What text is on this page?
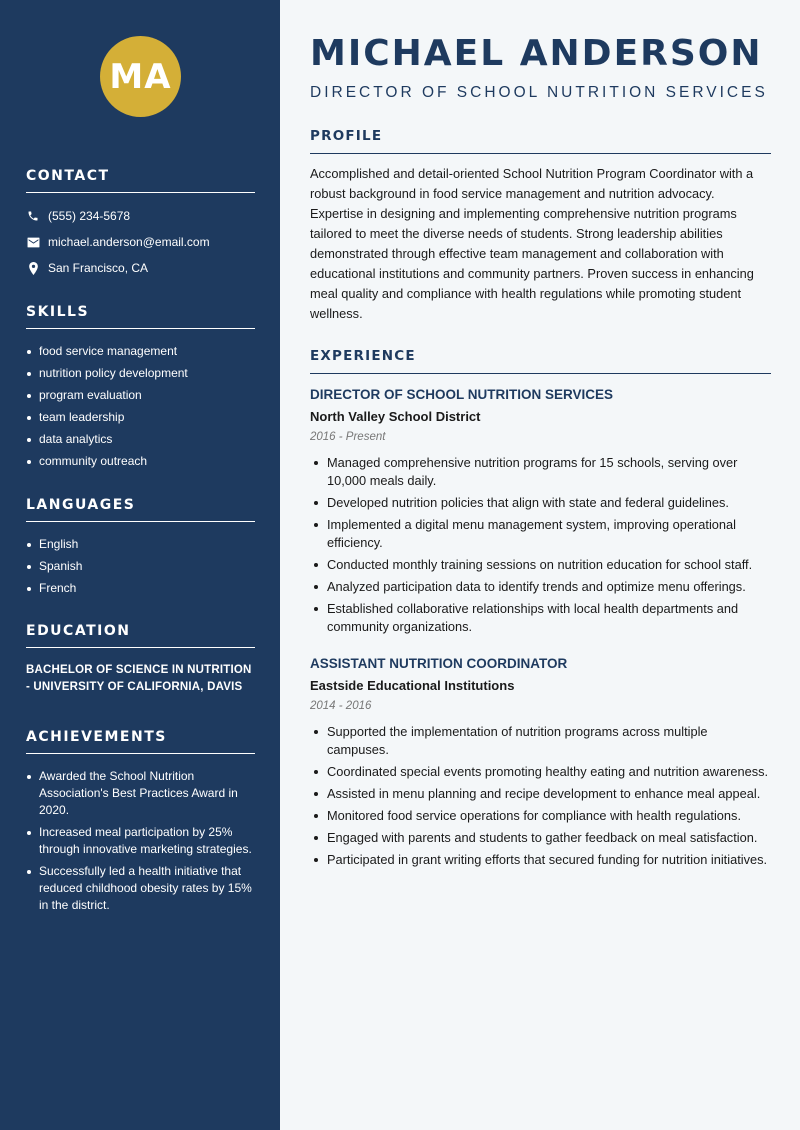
MA
CONTACT
(555) 234-5678
michael.anderson@email.com
San Francisco, CA
SKILLS
food service management
nutrition policy development
program evaluation
team leadership
data analytics
community outreach
LANGUAGES
English
Spanish
French
EDUCATION
BACHELOR OF SCIENCE IN NUTRITION - UNIVERSITY OF CALIFORNIA, DAVIS
ACHIEVEMENTS
Awarded the School Nutrition Association's Best Practices Award in 2020.
Increased meal participation by 25% through innovative marketing strategies.
Successfully led a health initiative that reduced childhood obesity rates by 15% in the district.
MICHAEL ANDERSON
DIRECTOR OF SCHOOL NUTRITION SERVICES
PROFILE
Accomplished and detail-oriented School Nutrition Program Coordinator with a robust background in food service management and nutrition advocacy. Expertise in designing and implementing comprehensive nutrition programs tailored to meet the diverse needs of students. Strong leadership abilities demonstrated through effective team management and collaboration with educational institutions and community partners. Proven success in enhancing meal quality and compliance with health regulations while promoting student wellness.
EXPERIENCE
DIRECTOR OF SCHOOL NUTRITION SERVICES
North Valley School District
2016 - Present
Managed comprehensive nutrition programs for 15 schools, serving over 10,000 meals daily.
Developed nutrition policies that align with state and federal guidelines.
Implemented a digital menu management system, improving operational efficiency.
Conducted monthly training sessions on nutrition education for school staff.
Analyzed participation data to identify trends and optimize menu offerings.
Established collaborative relationships with local health departments and community organizations.
ASSISTANT NUTRITION COORDINATOR
Eastside Educational Institutions
2014 - 2016
Supported the implementation of nutrition programs across multiple campuses.
Coordinated special events promoting healthy eating and nutrition awareness.
Assisted in menu planning and recipe development to enhance meal appeal.
Monitored food service operations for compliance with health regulations.
Engaged with parents and students to gather feedback on meal satisfaction.
Participated in grant writing efforts that secured funding for nutrition initiatives.
